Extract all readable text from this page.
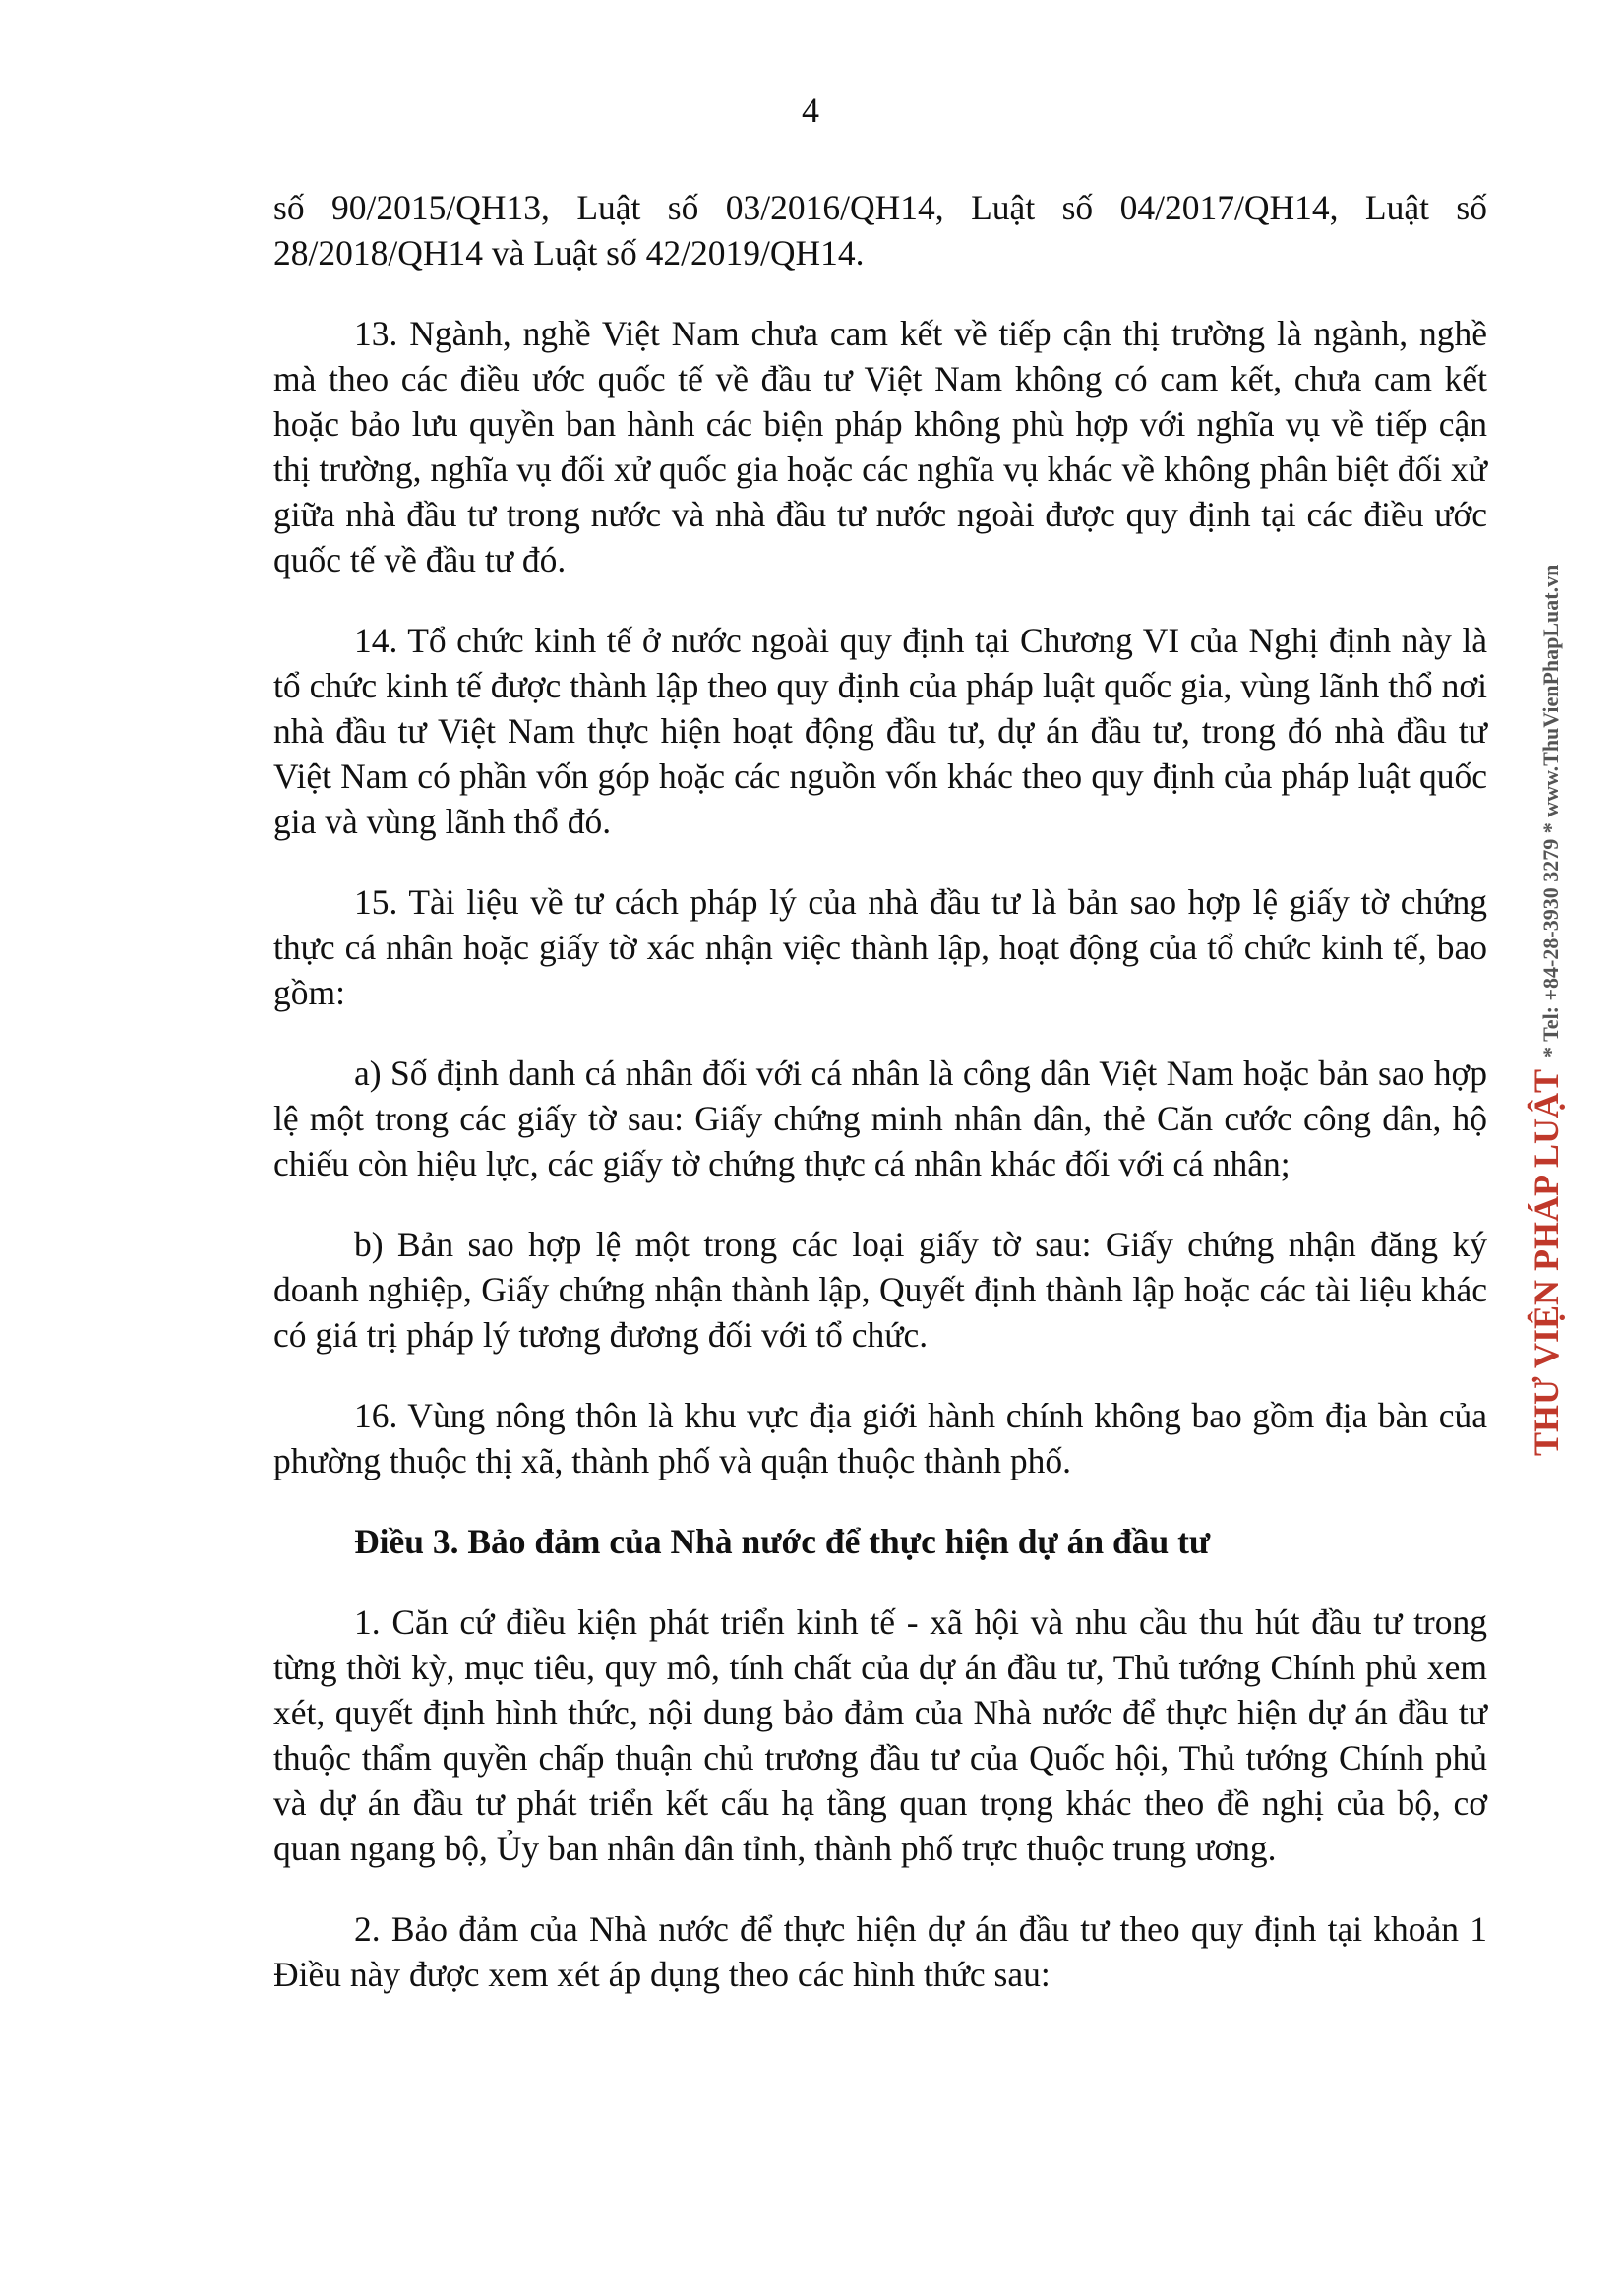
4

số 90/2015/QH13, Luật số 03/2016/QH14, Luật số 04/2017/QH14, Luật số 28/2018/QH14 và Luật số 42/2019/QH14.

13. Ngành, nghề Việt Nam chưa cam kết về tiếp cận thị trường là ngành, nghề mà theo các điều ước quốc tế về đầu tư Việt Nam không có cam kết, chưa cam kết hoặc bảo lưu quyền ban hành các biện pháp không phù hợp với nghĩa vụ về tiếp cận thị trường, nghĩa vụ đối xử quốc gia hoặc các nghĩa vụ khác về không phân biệt đối xử giữa nhà đầu tư trong nước và nhà đầu tư nước ngoài được quy định tại các điều ước quốc tế về đầu tư đó.

14. Tổ chức kinh tế ở nước ngoài quy định tại Chương VI của Nghị định này là tổ chức kinh tế được thành lập theo quy định của pháp luật quốc gia, vùng lãnh thổ nơi nhà đầu tư Việt Nam thực hiện hoạt động đầu tư, dự án đầu tư, trong đó nhà đầu tư Việt Nam có phần vốn góp hoặc các nguồn vốn khác theo quy định của pháp luật quốc gia và vùng lãnh thổ đó.

15. Tài liệu về tư cách pháp lý của nhà đầu tư là bản sao hợp lệ giấy tờ chứng thực cá nhân hoặc giấy tờ xác nhận việc thành lập, hoạt động của tổ chức kinh tế, bao gồm:

a) Số định danh cá nhân đối với cá nhân là công dân Việt Nam hoặc bản sao hợp lệ một trong các giấy tờ sau: Giấy chứng minh nhân dân, thẻ Căn cước công dân, hộ chiếu còn hiệu lực, các giấy tờ chứng thực cá nhân khác đối với cá nhân;

b) Bản sao hợp lệ một trong các loại giấy tờ sau: Giấy chứng nhận đăng ký doanh nghiệp, Giấy chứng nhận thành lập, Quyết định thành lập hoặc các tài liệu khác có giá trị pháp lý tương đương đối với tổ chức.

16. Vùng nông thôn là khu vực địa giới hành chính không bao gồm địa bàn của phường thuộc thị xã, thành phố và quận thuộc thành phố.

Điều 3. Bảo đảm của Nhà nước để thực hiện dự án đầu tư

1. Căn cứ điều kiện phát triển kinh tế - xã hội và nhu cầu thu hút đầu tư trong từng thời kỳ, mục tiêu, quy mô, tính chất của dự án đầu tư, Thủ tướng Chính phủ xem xét, quyết định hình thức, nội dung bảo đảm của Nhà nước để thực hiện dự án đầu tư thuộc thẩm quyền chấp thuận chủ trương đầu tư của Quốc hội, Thủ tướng Chính phủ và dự án đầu tư phát triển kết cấu hạ tầng quan trọng khác theo đề nghị của bộ, cơ quan ngang bộ, Ủy ban nhân dân tỉnh, thành phố trực thuộc trung ương.

2. Bảo đảm của Nhà nước để thực hiện dự án đầu tư theo quy định tại khoản 1 Điều này được xem xét áp dụng theo các hình thức sau:

THƯ VIỆN PHÁP LUẬT * Tel: +84-28-3930 3279 * www.ThuVienPhapLuat.vn
